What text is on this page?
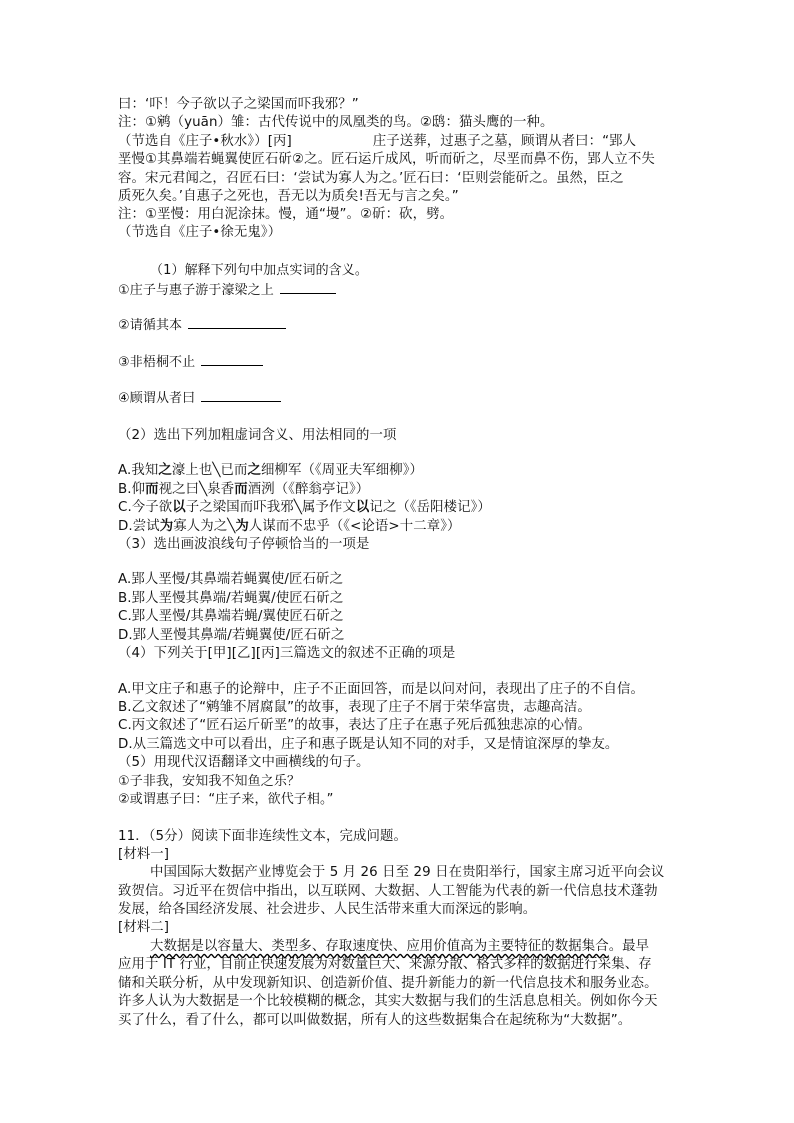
曰：‘吓！今子欲以子之梁国而吓我邪？”
注：①鹓（yuān）雏：古代传说中的凤凰类的鸟。②鸱：猫头鹰的一种。
（节选自《庄子•秋水》）[丙]　　　　　　庄子送葬，过惠子之墓，顾谓从者曰：“郢人
垩慢①其鼻端若蝇翼使匠石斫②之。匠石运斤成风，听而斫之，尽垩而鼻不伤，郢人立不失
容。宋元君闻之，召匠石曰：‘尝试为寡人为之。’匠石曰：‘臣则尝能斫之。虽然，臣之
质死久矣。’自惠子之死也，吾无以为质矣!吾无与言之矣。”
注：①垩慢：用白泥涂抹。慢，通“墁”。②斫：砍，劈。
（节选自《庄子•徐无鬼》）
（1）解释下列句中加点实词的含义。
①庄子与惠子游于濠梁之上
②请循其本
③非梧桐不止
④顾谓从者曰
（2）选出下列加粗虚词含义、用法相同的一项
A.我知之濠上也╲已而之细柳军（《周亚夫军细柳》）
B.仰而视之曰╲泉香而酒洌（《醉翁亭记》）
C.今子欲以子之梁国而吓我邪╲属予作文以记之（《岳阳楼记》）
D.尝试为寡人为之╲为人谋而不忠乎（《<论语>十二章》）
（3）选出画波浪线句子停顿恰当的一项是
A.郢人垩慢/其鼻端若蝇翼使/匠石斫之
B.郢人垩慢其鼻端/若蝇翼/使匠石斫之
C.郢人垩慢/其鼻端若蝇/翼使匠石斫之
D.郢人垩慢其鼻端/若蝇翼使/匠石斫之
（4）下列关于[甲][乙][丙]三篇选文的叙述不正确的项是
A.甲文庄子和惠子的论辩中，庄子不正面回答，而是以问对问，表现出了庄子的不自信。
B.乙文叙述了“鹓雏不屑腐鼠”的故事，表现了庄子不屑于荣华富贵，志趣高洁。
C.丙文叙述了“匠石运斤斫垩”的故事，表达了庄子在惠子死后孤独悲凉的心情。
D.从三篇选文中可以看出，庄子和惠子既是认知不同的对手，又是情谊深厚的挚友。
（5）用现代汉语翻译文中画横线的句子。
①子非我，安知我不知鱼之乐？
②或谓惠子曰：“庄子来，欲代子相。”
11．（5分）阅读下面非连续性文本，完成问题。
[材料一]
中国国际大数据产业博览会于 5 月 26 日至 29 日在贵阳举行，国家主席习近平向会议
致贺信。习近平在贺信中指出，以互联网、大数据、人工智能为代表的新一代信息技术蓬勃
发展，给各国经济发展、社会进步、人民生活带来重大而深远的影响。
[材料二]
大数据是以容量大、类型多、存取速度快、应用价值高为主要特征的数据集合。最早
应用于 IT 行业，目前正快速发展为对数量巨大、来源分散、格式多样的数据进行采集、存
储和关联分析，从中发现新知识、创造新价值、提升新能力的新一代信息技术和服务业态。
许多人认为大数据是一个比较模糊的概念，其实大数据与我们的生活息息相关。例如你今天
买了什么，看了什么，都可以叫做数据，所有人的这些数据集合在起统称为“大数据”。
